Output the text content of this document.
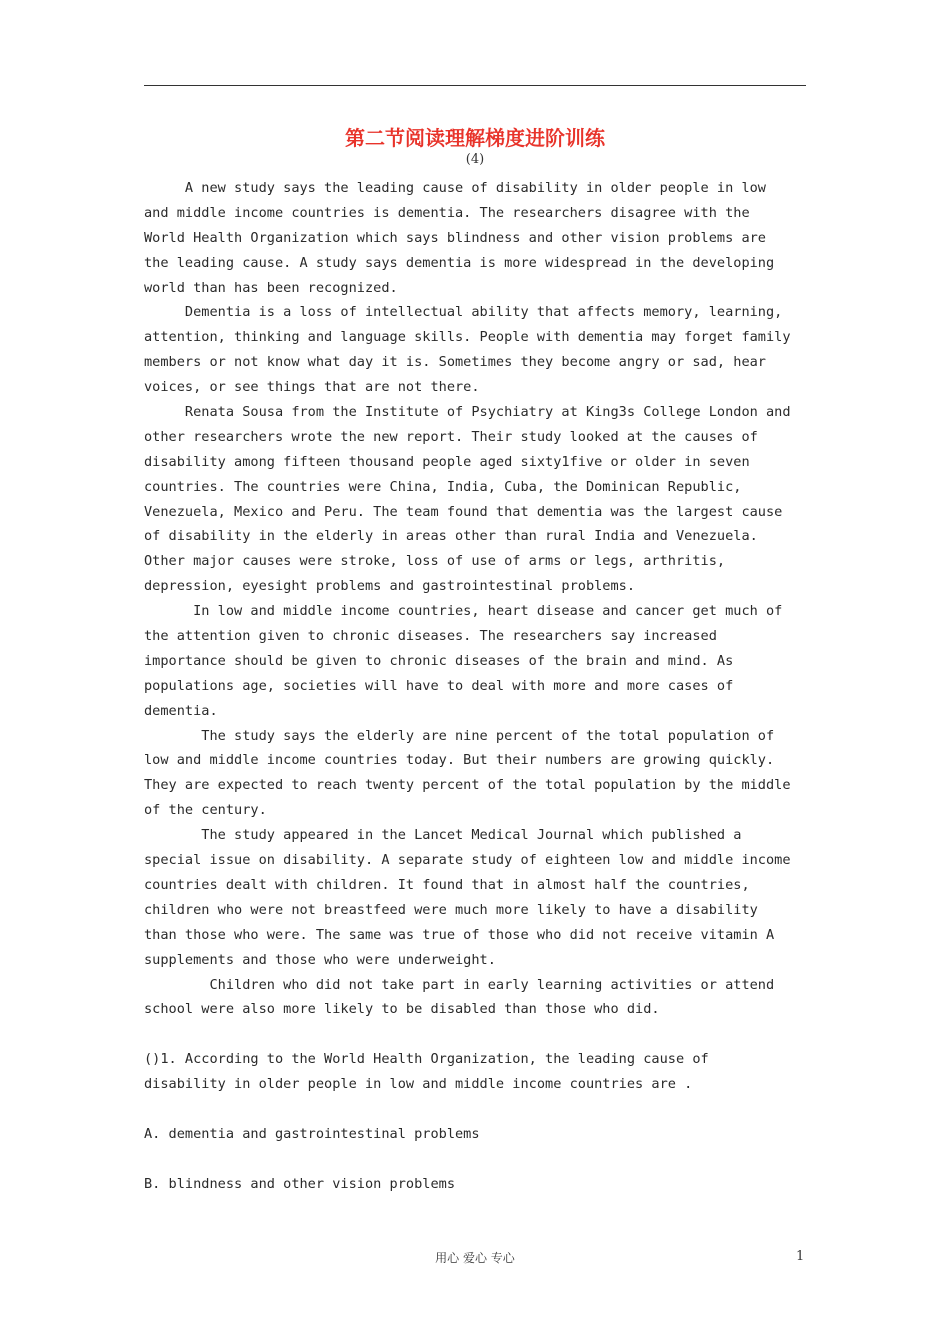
第二节阅读理解梯度进阶训练
(4)
A new study says the leading cause of disability in older people in low
and middle income countries is dementia. The researchers disagree with the
World Health Organization which says blindness and other vision problems are
the leading cause. A study says dementia is more widespread in the developing
world than has been recognized.
Dementia is a loss of intellectual ability that affects memory, learning,
attention, thinking and language skills. People with dementia may forget family
members or not know what day it is. Sometimes they become angry or sad, hear
voices, or see things that are not there.
Renata Sousa from the Institute of Psychiatry at King3s College London and
other researchers wrote the new report. Their study looked at the causes of
disability among fifteen thousand people aged sixty1five or older in seven
countries. The countries were China, India, Cuba, the Dominican Republic,
Venezuela, Mexico and Peru. The team found that dementia was the largest cause
of disability in the elderly in areas other than rural India and Venezuela.
Other major causes were stroke, loss of use of arms or legs, arthritis,
depression, eyesight problems and gastrointestinal problems.
In low and middle income countries, heart disease and cancer get much of
the attention given to chronic diseases. The researchers say increased
importance should be given to chronic diseases of the brain and mind. As
populations age, societies will have to deal with more and more cases of
dementia.
The study says the elderly are nine percent of the total population of
low and middle income countries today. But their numbers are growing quickly.
They are expected to reach twenty percent of the total population by the middle
of the century.
The study appeared in the Lancet Medical Journal which published a
special issue on disability. A separate study of eighteen low and middle income
countries dealt with children. It found that in almost half the countries,
children who were not breastfeed were much more likely to have a disability
than those who were. The same was true of those who did not receive vitamin A
supplements and those who were underweight.
Children who did not take part in early learning activities or attend
school were also more likely to be disabled than those who did.
()1. According to the World Health Organization, the leading cause of
disability in older people in low and middle income countries are .
A. dementia and gastrointestinal problems
B. blindness and other vision problems
用心 爱心 专心	1
